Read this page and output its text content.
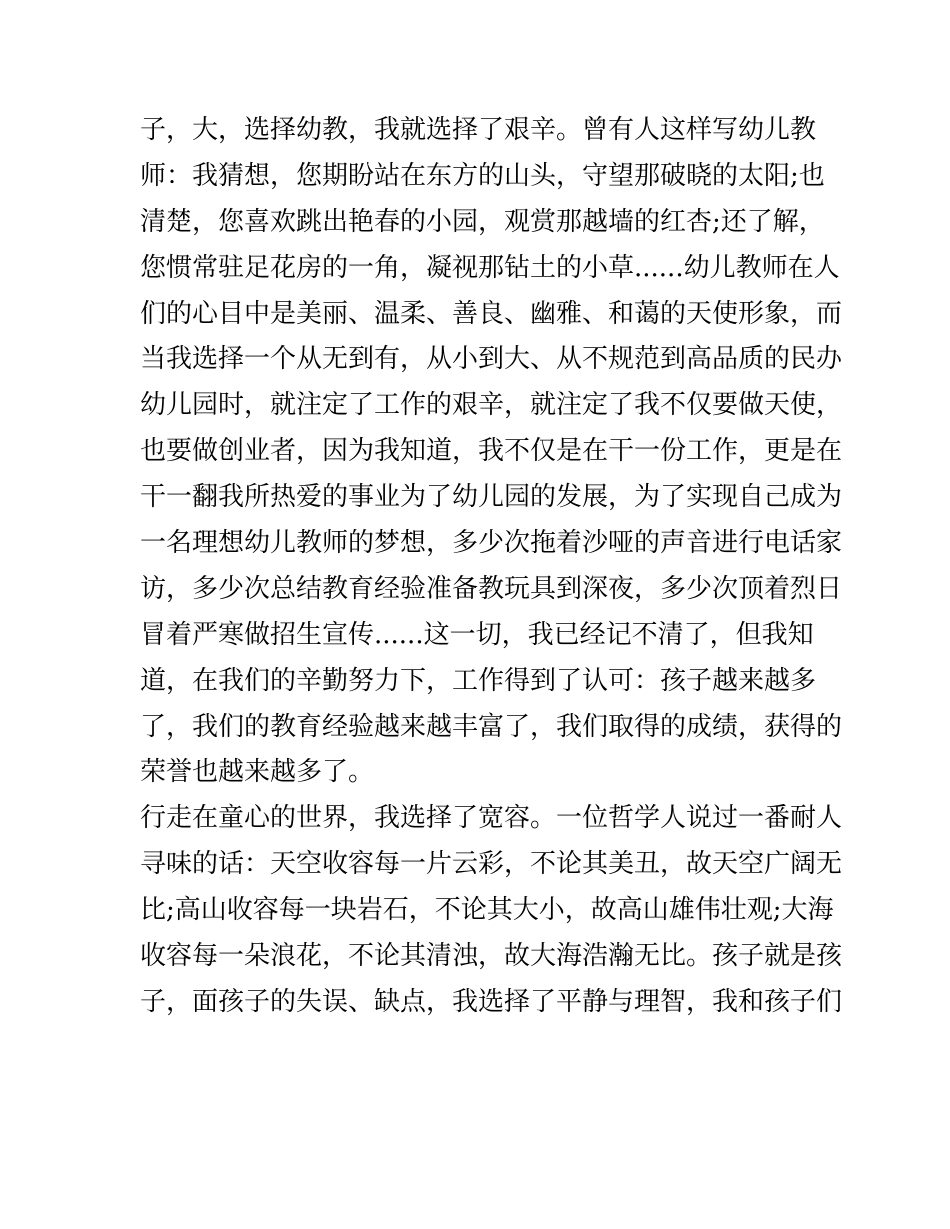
子，大，选择幼教，我就选择了艰辛。曾有人这样写幼儿教
师：我猜想，您期盼站在东方的山头，守望那破晓的太阳;也
清楚，您喜欢跳出艳春的小园，观赏那越墙的红杏;还了解，
您惯常驻足花房的一角，凝视那钻土的小草......幼儿教师在人
们的心目中是美丽、温柔、善良、幽雅、和蔼的天使形象，而
当我选择一个从无到有，从小到大、从不规范到高品质的民办
幼儿园时，就注定了工作的艰辛，就注定了我不仅要做天使，
也要做创业者，因为我知道，我不仅是在干一份工作，更是在
干一翻我所热爱的事业为了幼儿园的发展，为了实现自己成为
一名理想幼儿教师的梦想，多少次拖着沙哑的声音进行电话家
访，多少次总结教育经验准备教玩具到深夜，多少次顶着烈日
冒着严寒做招生宣传......这一切，我已经记不清了，但我知
道，在我们的辛勤努力下，工作得到了认可：孩子越来越多
了，我们的教育经验越来越丰富了，我们取得的成绩，获得的
荣誉也越来越多了。
行走在童心的世界，我选择了宽容。一位哲学人说过一番耐人
寻味的话：天空收容每一片云彩，不论其美丑，故天空广阔无
比;高山收容每一块岩石，不论其大小，故高山雄伟壮观;大海
收容每一朵浪花，不论其清浊，故大海浩瀚无比。孩子就是孩
子，面孩子的失误、缺点，我选择了平静与理智，我和孩子们
